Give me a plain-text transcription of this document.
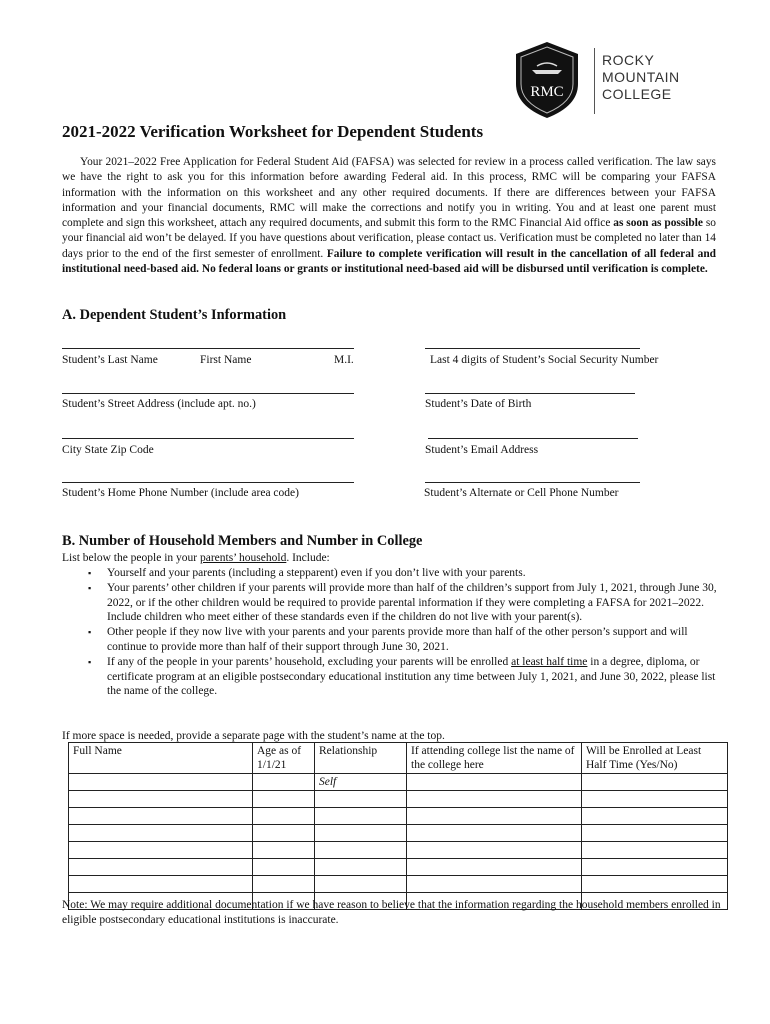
RMC
ROCKY
MOUNTAIN
COLLEGE
2021-2022 Verification Worksheet for Dependent Students
Your 2021–2022 Free Application for Federal Student Aid (FAFSA) was selected for review in a process called verification. The law says we have the right to ask you for this information before awarding Federal aid. In this process, RMC will be comparing your FAFSA information with the information on this worksheet and any other required documents. If there are differences between your FAFSA information and your financial documents, RMC will make the corrections and notify you in writing. You and at least one parent must complete and sign this worksheet, attach any required documents, and submit this form to the RMC Financial Aid office as soon as possible so your financial aid won’t be delayed. If you have questions about verification, please contact us. Verification must be completed no later than 14 days prior to the end of the first semester of enrollment. Failure to complete verification will result in the cancellation of all federal and institutional need-based aid. No federal loans or grants or institutional need-based aid will be disbursed until verification is complete.
A. Dependent Student’s Information
Student’s Last Name	First Name	M.I.	Last 4 digits of Student’s Social Security Number
Student’s Street Address (include apt. no.)	Student’s Date of Birth
City State Zip Code	Student’s Email Address
Student’s Home Phone Number (include area code)	Student’s Alternate or Cell Phone Number
B. Number of Household Members and Number in College
List below the people in your parents’ household. Include:
▪ Yourself and your parents (including a stepparent) even if you don’t live with your parents.
▪ Your parents’ other children if your parents will provide more than half of the children’s support from July 1, 2021, through June 30, 2022, or if the other children would be required to provide parental information if they were completing a FAFSA for 2021–2022. Include children who meet either of these standards even if the children do not live with your parent(s).
▪ Other people if they now live with your parents and your parents provide more than half of the other person’s support and will continue to provide more than half of their support through June 30, 2021.
▪ If any of the people in your parents’ household, excluding your parents will be enrolled at least half time in a degree, diploma, or certificate program at an eligible postsecondary educational institution any time between July 1, 2021, and June 30, 2022, please list the name of the college.
If more space is needed, provide a separate page with the student’s name at the top.
Full Name	Age as of 1/1/21	Relationship	If attending college list the name of the college here	Will be Enrolled at Least Half Time (Yes/No)
		Self		

Note: We may require additional documentation if we have reason to believe that the information regarding the household members enrolled in eligible postsecondary educational institutions is inaccurate.
